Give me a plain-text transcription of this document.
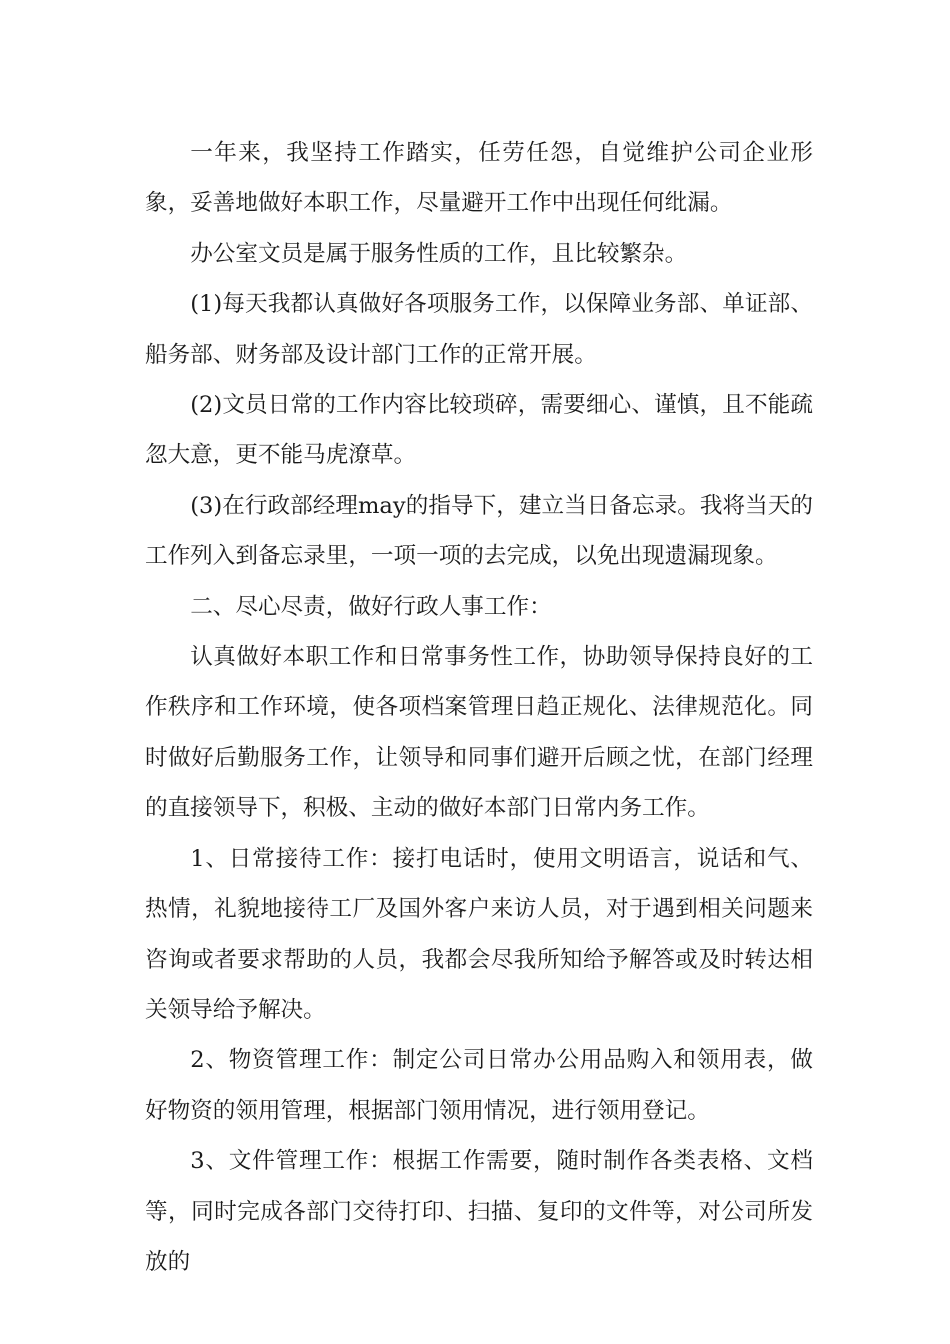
一年来，我坚持工作踏实，任劳任怨，自觉维护公司企业形象，妥善地做好本职工作，尽量避开工作中出现任何纰漏。

办公室文员是属于服务性质的工作，且比较繁杂。

(1)每天我都认真做好各项服务工作，以保障业务部、单证部、船务部、财务部及设计部门工作的正常开展。

(2)文员日常的工作内容比较琐碎，需要细心、谨慎，且不能疏忽大意，更不能马虎潦草。

(3)在行政部经理may的指导下，建立当日备忘录。我将当天的工作列入到备忘录里，一项一项的去完成，以免出现遗漏现象。

二、尽心尽责，做好行政人事工作：

认真做好本职工作和日常事务性工作，协助领导保持良好的工作秩序和工作环境，使各项档案管理日趋正规化、法律规范化。同时做好后勤服务工作，让领导和同事们避开后顾之忧，在部门经理的直接领导下，积极、主动的做好本部门日常内务工作。

1、日常接待工作：接打电话时，使用文明语言，说话和气、热情，礼貌地接待工厂及国外客户来访人员，对于遇到相关问题来咨询或者要求帮助的人员，我都会尽我所知给予解答或及时转达相关领导给予解决。

2、物资管理工作：制定公司日常办公用品购入和领用表，做好物资的领用管理，根据部门领用情况，进行领用登记。

3、文件管理工作：根据工作需要，随时制作各类表格、文档等，同时完成各部门交待打印、扫描、复印的文件等，对公司所发放的
